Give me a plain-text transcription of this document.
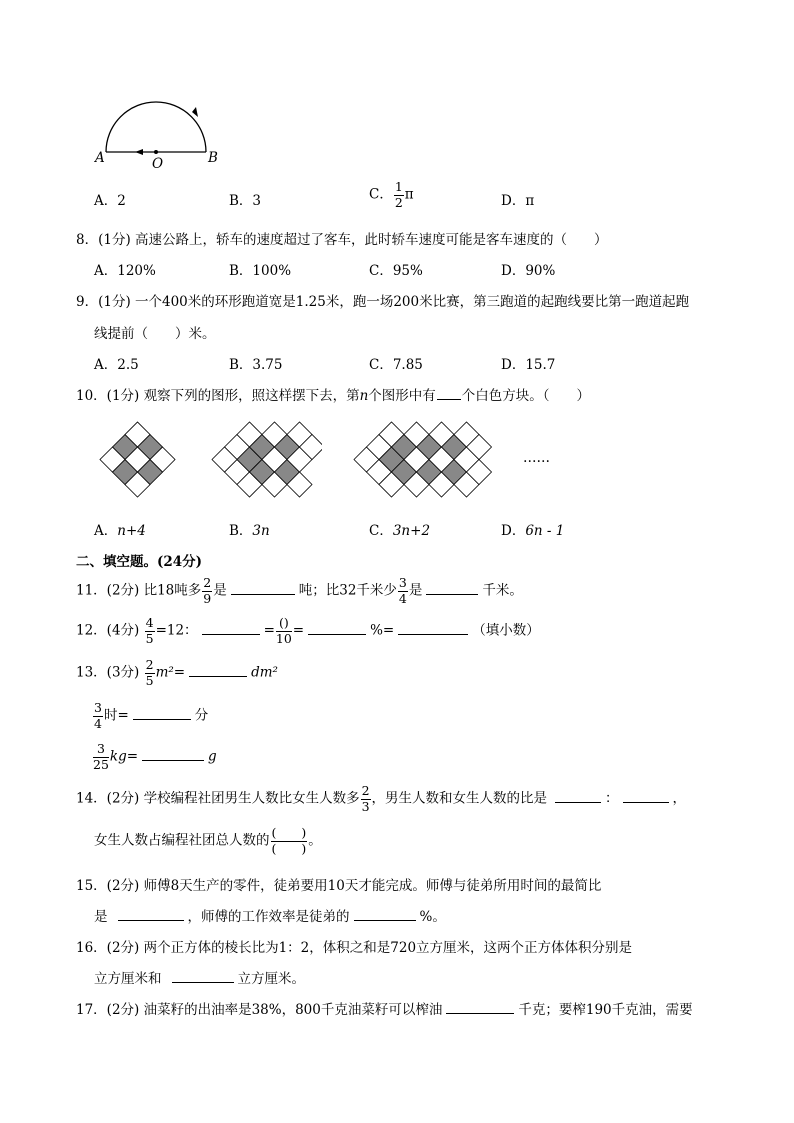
A	O	B
A．2	B．3	C． $\frac{1}{2}$ π	D．π
8．(1分) 高速公路上，轿车的速度超过了客车，此时轿车速度可能是客车速度的（　　）
A．120%	B．100%	C．95%	D．90%
9．(1分) 一个400米的环形跑道宽是1.25米，跑一场200米比赛，第三跑道的起跑线要比第一跑道起跑
线提前（　　）米。
A．2.5	B．3.75	C．7.85	D．15.7
10．(1分) 观察下列的图形，照这样摆下去，第n个图形中有 个白色方块。（　　）
……
A．n+4	B．3n	C．3n+2	D．6n - 1
二、填空题。(24分)
11．(2分) 比18吨多 $\frac{2}{9}$ 是	吨；比32千米少 $\frac{3}{4}$ 是	千米。
12．(4分) $\frac{4}{5} =12$：	= $\frac{()}{10}$ =	%=	（填小数）
13．(3分) $\frac{2}{5} m^2=$	dm²
$\frac{3}{4}$ 时=	分
$\frac{3}{25} kg=$	g
14．(2分) 学校编程社团男生人数比女生人数多 $\frac{2}{3}$ ，男生人数和女生人数的比是	：	，
女生人数占编程社团总人数的 $\frac{( )}{( )}$ 。
15．(2分) 师傅8天生产的零件，徒弟要用10天才能完成。师傅与徒弟所用时间的最简比
是	，师傅的工作效率是徒弟的	%。
16．(2分) 两个正方体的棱长比为1：2，体积之和是720立方厘米，这两个正方体体积分别是
立方厘米和	立方厘米。
17．(2分) 油菜籽的出油率是38%，800千克油菜籽可以榨油	千克；要榨190千克油，需要
